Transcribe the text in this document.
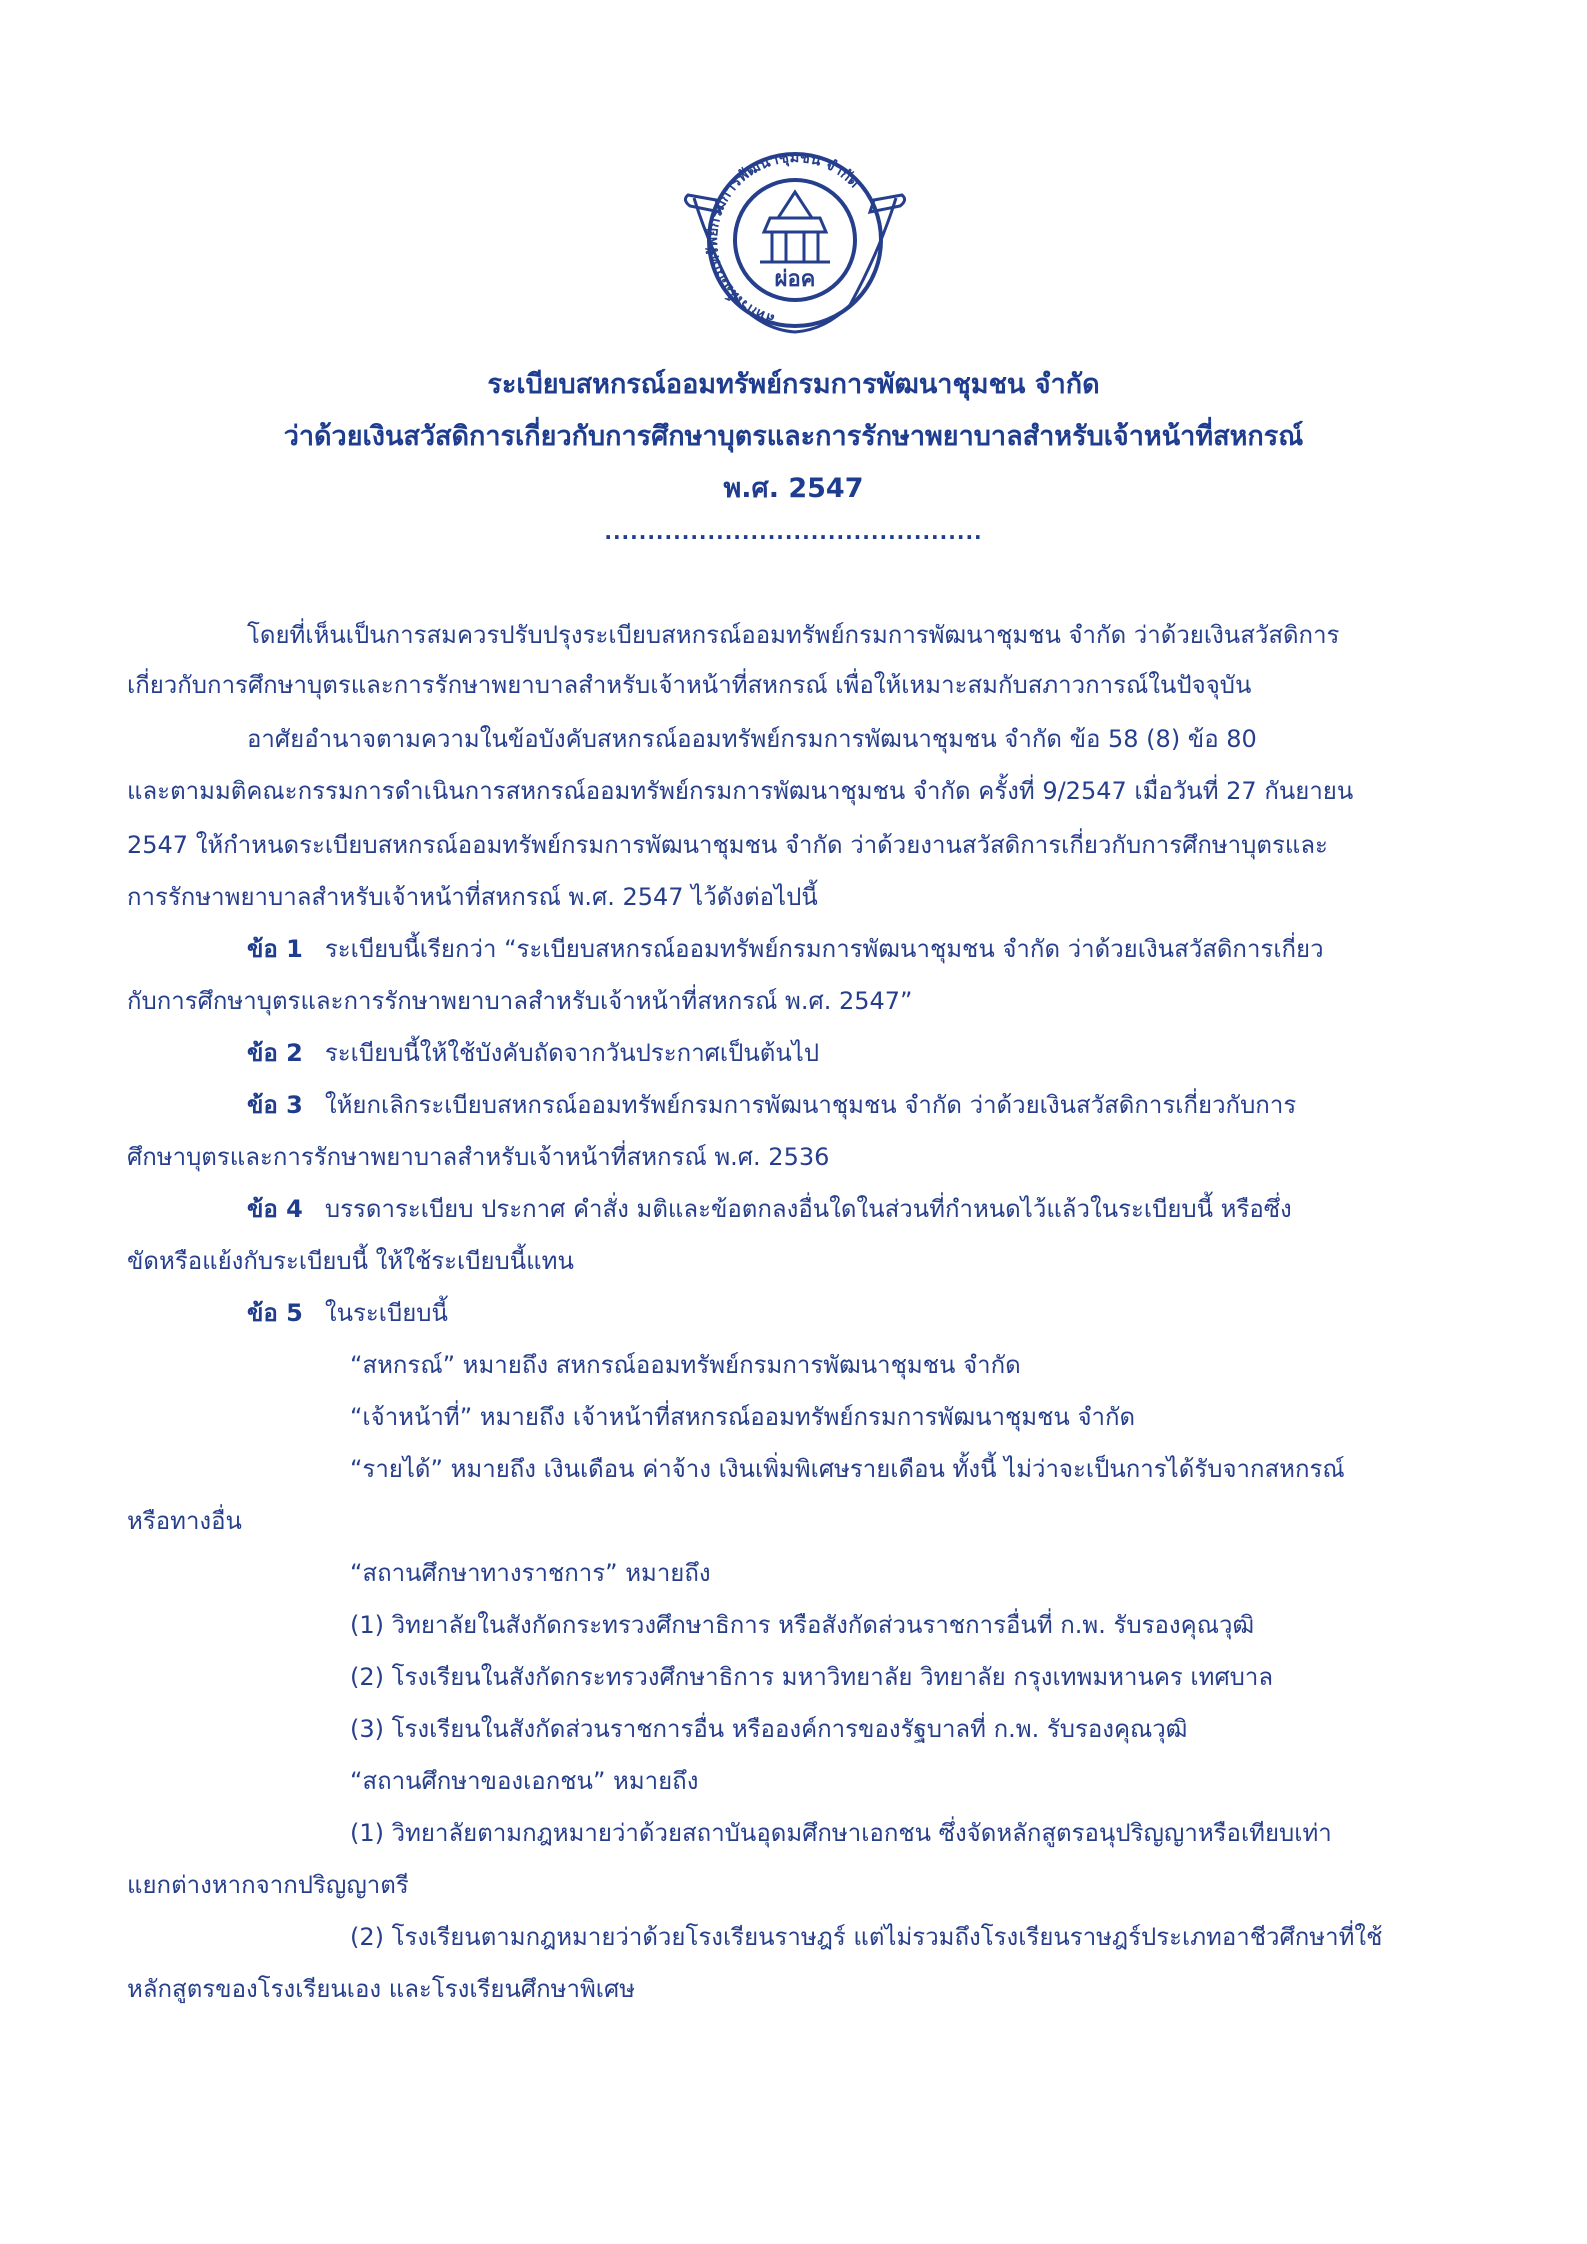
สหกรณ์ออมทรัพย์กรมการพัฒนาชุมชน จำกัด
ผ่อค
ระเบียบสหกรณ์ออมทรัพย์กรมการพัฒนาชุมชน จำกัด
ว่าด้วยเงินสวัสดิการเกี่ยวกับการศึกษาบุตรและการรักษาพยาบาลสำหรับเจ้าหน้าที่สหกรณ์
พ.ศ. 2547
............................................
โดยที่เห็นเป็นการสมควรปรับปรุงระเบียบสหกรณ์ออมทรัพย์กรมการพัฒนาชุมชน จำกัด ว่าด้วยเงินสวัสดิการ
เกี่ยวกับการศึกษาบุตรและการรักษาพยาบาลสำหรับเจ้าหน้าที่สหกรณ์ เพื่อให้เหมาะสมกับสภาวการณ์ในปัจจุบัน
อาศัยอำนาจตามความในข้อบังคับสหกรณ์ออมทรัพย์กรมการพัฒนาชุมชน จำกัด ข้อ 58 (8) ข้อ 80
และตามมติคณะกรรมการดำเนินการสหกรณ์ออมทรัพย์กรมการพัฒนาชุมชน จำกัด ครั้งที่ 9/2547 เมื่อวันที่ 27 กันยายน
2547 ให้กำหนดระเบียบสหกรณ์ออมทรัพย์กรมการพัฒนาชุมชน จำกัด ว่าด้วยงานสวัสดิการเกี่ยวกับการศึกษาบุตรและ
การรักษาพยาบาลสำหรับเจ้าหน้าที่สหกรณ์ พ.ศ. 2547 ไว้ดังต่อไปนี้
ข้อ 1 ระเบียบนี้เรียกว่า “ระเบียบสหกรณ์ออมทรัพย์กรมการพัฒนาชุมชน จำกัด ว่าด้วยเงินสวัสดิการเกี่ยว
กับการศึกษาบุตรและการรักษาพยาบาลสำหรับเจ้าหน้าที่สหกรณ์ พ.ศ. 2547”
ข้อ 2 ระเบียบนี้ให้ใช้บังคับถัดจากวันประกาศเป็นต้นไป
ข้อ 3 ให้ยกเลิกระเบียบสหกรณ์ออมทรัพย์กรมการพัฒนาชุมชน จำกัด ว่าด้วยเงินสวัสดิการเกี่ยวกับการ
ศึกษาบุตรและการรักษาพยาบาลสำหรับเจ้าหน้าที่สหกรณ์ พ.ศ. 2536
ข้อ 4 บรรดาระเบียบ ประกาศ คำสั่ง มติและข้อตกลงอื่นใดในส่วนที่กำหนดไว้แล้วในระเบียบนี้ หรือซึ่ง
ขัดหรือแย้งกับระเบียบนี้ ให้ใช้ระเบียบนี้แทน
ข้อ 5 ในระเบียบนี้
“สหกรณ์” หมายถึง สหกรณ์ออมทรัพย์กรมการพัฒนาชุมชน จำกัด
“เจ้าหน้าที่” หมายถึง เจ้าหน้าที่สหกรณ์ออมทรัพย์กรมการพัฒนาชุมชน จำกัด
“รายได้” หมายถึง เงินเดือน ค่าจ้าง เงินเพิ่มพิเศษรายเดือน ทั้งนี้ ไม่ว่าจะเป็นการได้รับจากสหกรณ์
หรือทางอื่น
“สถานศึกษาทางราชการ” หมายถึง
(1) วิทยาลัยในสังกัดกระทรวงศึกษาธิการ หรือสังกัดส่วนราชการอื่นที่ ก.พ. รับรองคุณวุฒิ
(2) โรงเรียนในสังกัดกระทรวงศึกษาธิการ มหาวิทยาลัย วิทยาลัย กรุงเทพมหานคร เทศบาล
(3) โรงเรียนในสังกัดส่วนราชการอื่น หรือองค์การของรัฐบาลที่ ก.พ. รับรองคุณวุฒิ
“สถานศึกษาของเอกชน” หมายถึง
(1) วิทยาลัยตามกฎหมายว่าด้วยสถาบันอุดมศึกษาเอกชน ซึ่งจัดหลักสูตรอนุปริญญาหรือเทียบเท่า
แยกต่างหากจากปริญญาตรี
(2) โรงเรียนตามกฎหมายว่าด้วยโรงเรียนราษฎร์ แต่ไม่รวมถึงโรงเรียนราษฎร์ประเภทอาชีวศึกษาที่ใช้
หลักสูตรของโรงเรียนเอง และโรงเรียนศึกษาพิเศษ
